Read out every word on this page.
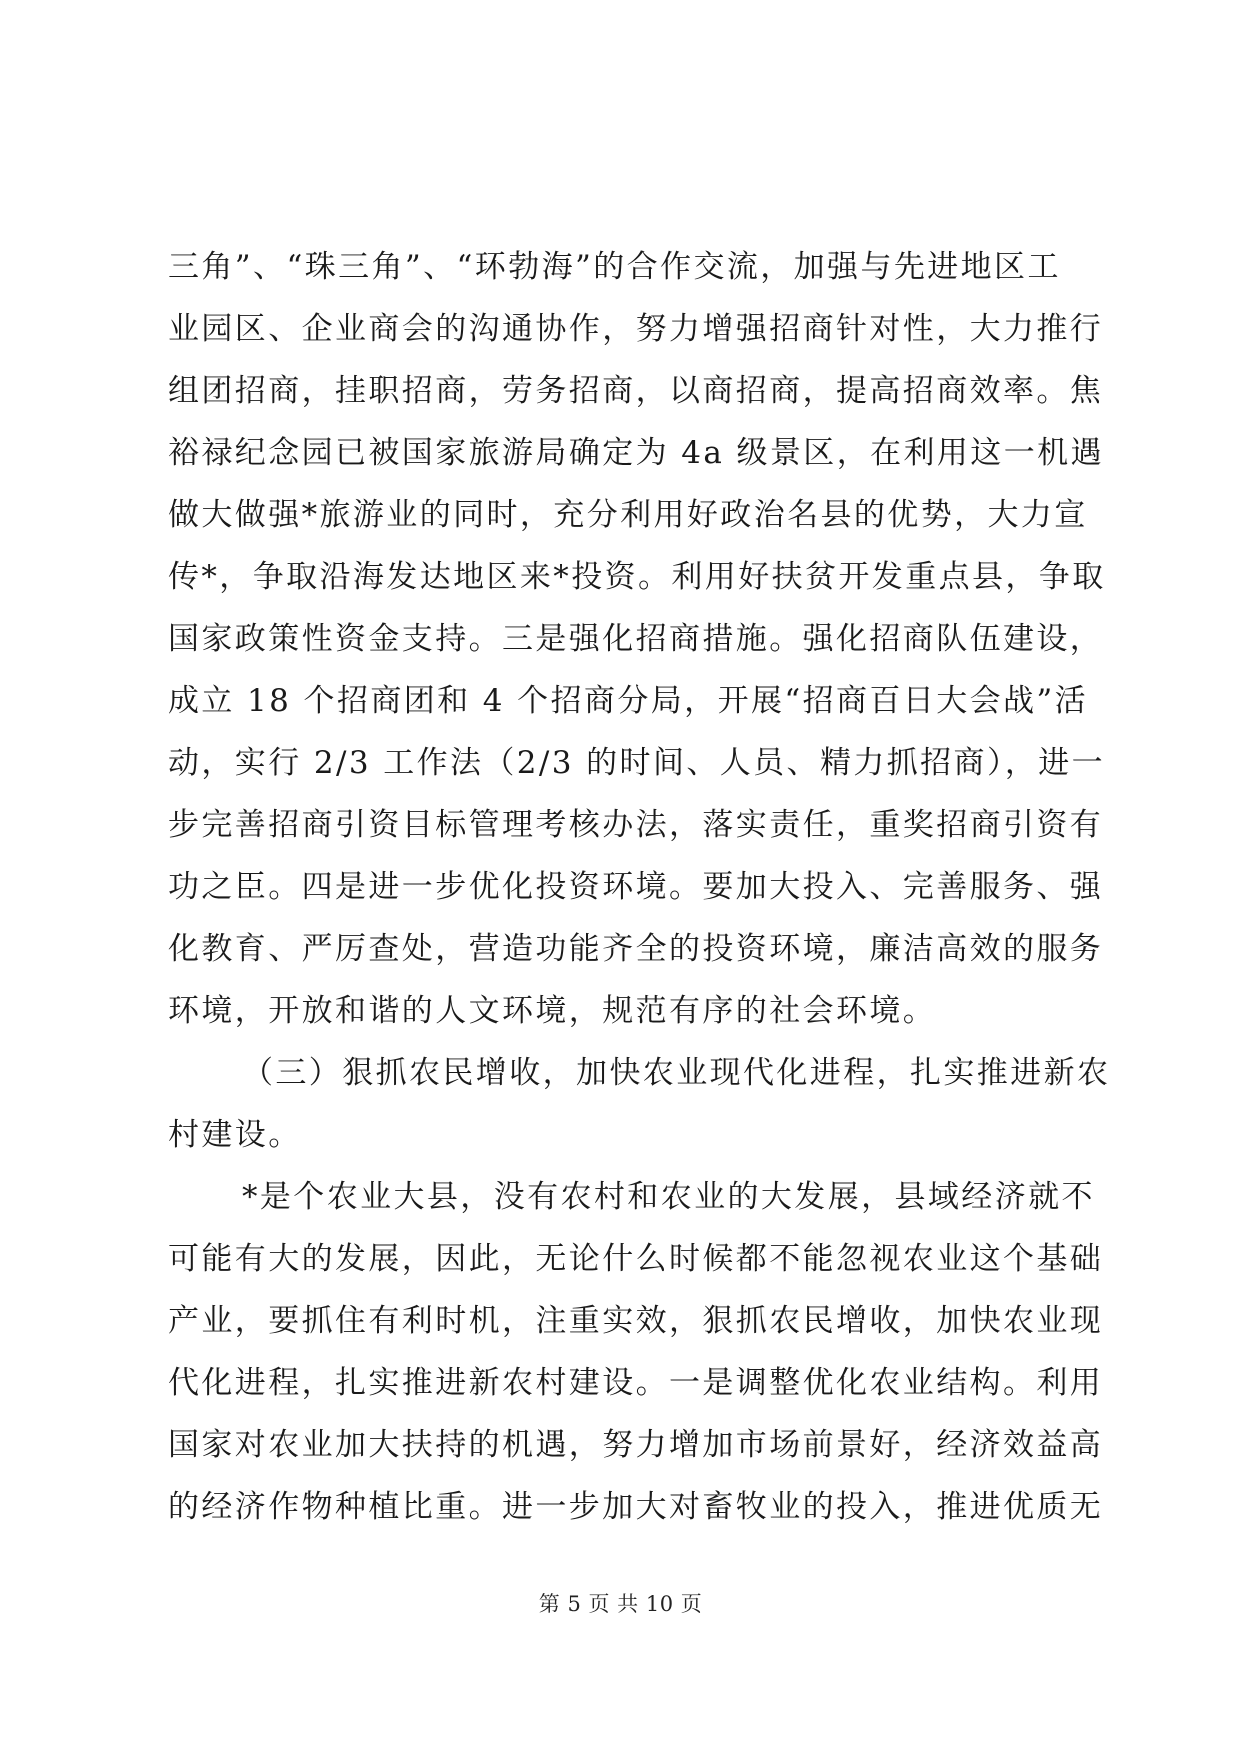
三角”、“珠三角”、“环勃海”的合作交流，加强与先进地区工
业园区、企业商会的沟通协作，努力增强招商针对性，大力推行
组团招商，挂职招商，劳务招商，以商招商，提高招商效率。焦
裕禄纪念园已被国家旅游局确定为 4a 级景区，在利用这一机遇
做大做强*旅游业的同时，充分利用好政治名县的优势，大力宣
传*，争取沿海发达地区来*投资。利用好扶贫开发重点县，争取
国家政策性资金支持。三是强化招商措施。强化招商队伍建设，
成立 18 个招商团和 4 个招商分局，开展“招商百日大会战”活
动，实行 2/3 工作法（2/3 的时间、人员、精力抓招商），进一
步完善招商引资目标管理考核办法，落实责任，重奖招商引资有
功之臣。四是进一步优化投资环境。要加大投入、完善服务、强
化教育、严厉查处，营造功能齐全的投资环境，廉洁高效的服务
环境，开放和谐的人文环境，规范有序的社会环境。
（三）狠抓农民增收，加快农业现代化进程，扎实推进新农
村建设。
*是个农业大县，没有农村和农业的大发展，县域经济就不
可能有大的发展，因此，无论什么时候都不能忽视农业这个基础
产业，要抓住有利时机，注重实效，狠抓农民增收，加快农业现
代化进程，扎实推进新农村建设。一是调整优化农业结构。利用
国家对农业加大扶持的机遇，努力增加市场前景好，经济效益高
的经济作物种植比重。进一步加大对畜牧业的投入，推进优质无
第 5 页 共 10 页
